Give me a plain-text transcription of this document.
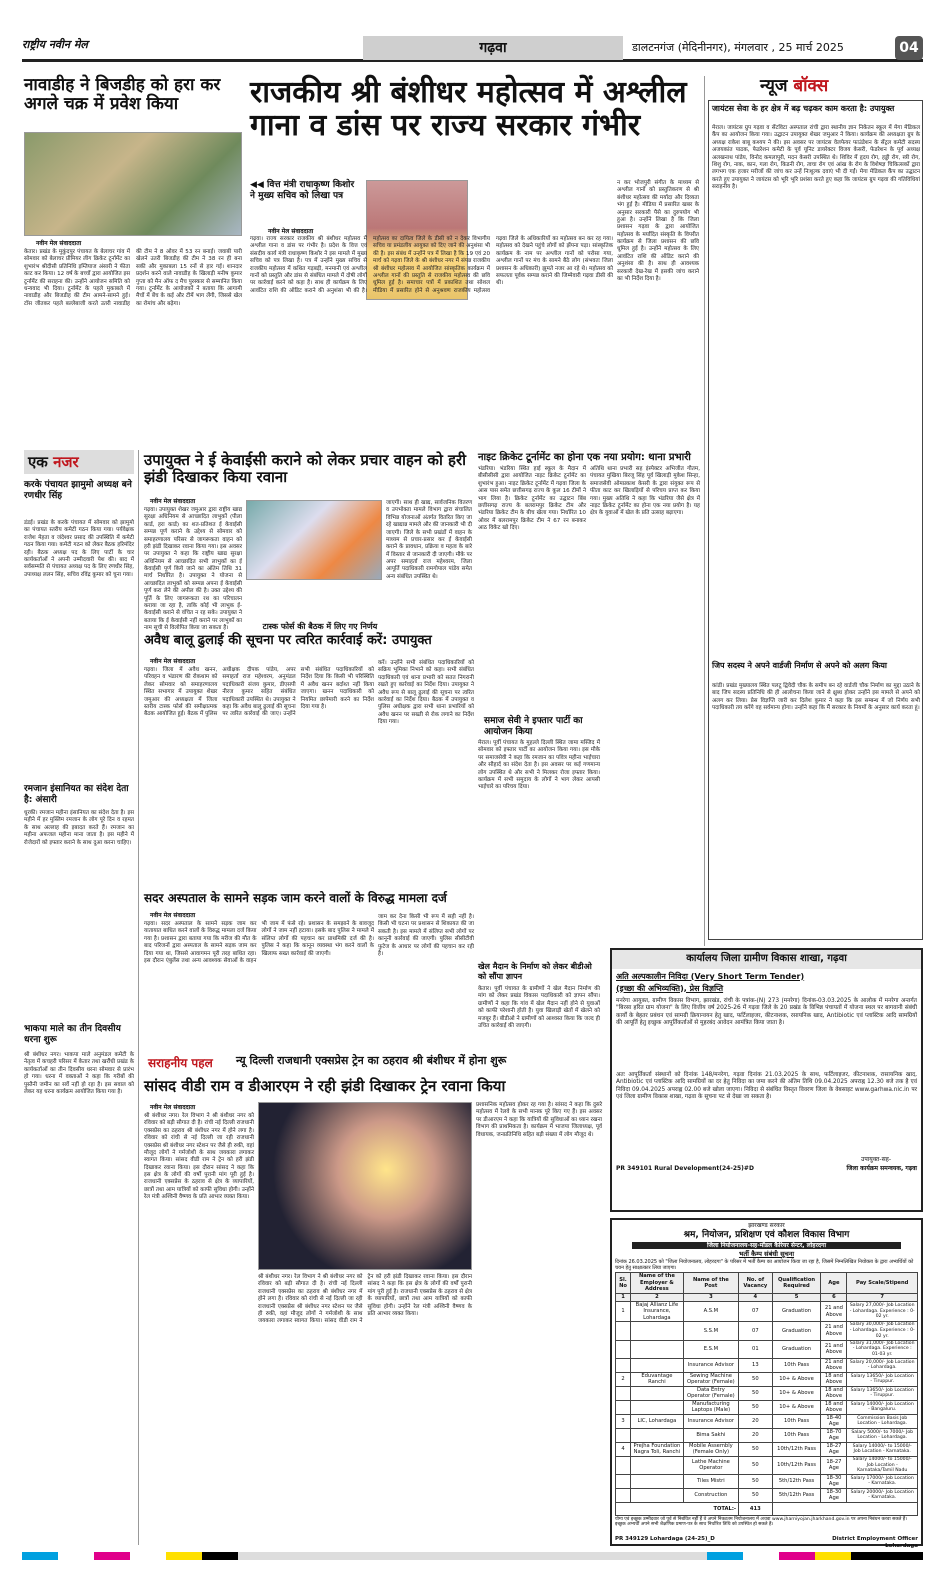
राष्ट्रीय नवीन मेल	गढ़वा	डालटनगंज (मेदिनीनगर), मंगलवार , 25 मार्च 2025	04
नावाडीह ने बिजडीह को हरा कर अगले चक्र में प्रवेश किया
नवीन मेल संवाददाता
केतार। प्रखंड के मुकुंदपुर पंचायत के बेलाचर गांव में सोमवार को बेलाचर प्रीमियर लीग क्रिकेट टूर्नामेंट का शुभारंभ श्रीदीसी प्रतिनिधि इम्तियाज अंसारी ने फीता काट कर किया। 12 वर्ष के बच्चों द्वारा आयोजित इस टूर्नामेंट की सराहना की। उन्होंने आयोजन समिति को धन्यवाद भी दिया। टूर्नामेंट के पहले मुकाबले में नावाडीह और बिजडीह की टीम आमने-सामने हुई। टॉस जीतकर पहले बल्लेबाजी करते उतरी नावाडीह की टीम ने 8 ओवर में 53 रन बनाई। जवाबी पारी खेलने उतरी बिजडीह की टीम ने 38 रन ही बना सकी और मुकाबला 15 रनों से हार गई। शानदार प्रदर्शन करने वाले नावाडीह के खिलाड़ी मनीष कुमार गुप्ता को मैन ऑफ द मैच पुरस्कार से सम्मानित किया गया। टूर्नामेंट के आयोजकों ने बताया कि आगामी मैचों में बेंच के कई और टीमें भाग लेंगी, जिससे खेल का रोमांच और बढ़ेगा।
राजकीय श्री बंशीधर महोत्सव में अश्लील गाना व डांस पर राज्य सरकार गंभीर
◀◀ वित्त मंत्री राधाकृष्ण किशोर ने मुख्य सचिव को लिखा पत्र
नवीन मेल संवाददाता
गढ़वा। राज्य सरकार राजकीय श्री बंशीधर महोत्सव में अश्लील गाना व डांस पर गंभीर है। प्रदेश के वित्त एवं संसदीय कार्य मंत्री राधाकृष्ण किशोर ने इस मामले में मुख्य सचिव को पत्र लिखा है। पत्र में उन्होंने मुख्य सचिव से राजकीय महोत्सव में कथित गड़बड़ी, मनमानी एवं अश्लील गानों को प्रस्तुति और डांस से संबंधित मामले में दोषी लोगों पर कार्रवाई करने को कहा है। साथ ही कार्यक्रम के लिए आवंटित राशि की ऑडिट कराने की अनुशंसा भी की है। महोत्सव का दायित्व जिले के डीसी को न देकर विभागीय सचिव या प्रमंडलीय आयुक्त को दिए जाने की अनुशंसा भी की है। इस संबंध में उन्होंने पत्र में लिखा है कि 19 एवं 20 मार्च को गढ़वा जिले के श्री बंशीधर नगर में संपन्न राजकीय श्री बंशीधर महोत्सव में आयोजित सांस्कृतिक कार्यक्रम में अश्लील गानों की प्रस्तुति से राजकीय महोत्सव की छवि धूमिल हुई है। समाचार पत्रों में प्रकाशित तथा सोशल मीडिया में प्रसारित होने से अनुश्रवण राजकीय महोत्सव गढ़वा जिले के अधिकारियों का महोत्सव बन कर रह गया। महोत्सव को देखने पहुंचे लोगों को झेंपना पड़ा। सांस्कृतिक कार्यक्रम के नाम पर अश्लील गानों को परोसा गया, अश्लील गानों पर मंच के सामने बैठे लोग (संभवतः जिला प्रशासन के अधिकारी) झूमते नजर आ रहे थे। महोत्सव को सफलता पूर्वक सम्पन्न कराने की जिम्मेवारी गढ़वा डीसी की थी।
न कर भोजपुरी संगीत के माध्यम से अश्लील गानों को प्रस्तुतिकरण से श्री बंशीधर महोत्सव की मर्यादा और दिव्यता भंग हुई है। मीडिया में प्रसारित खबर के अनुसार सरकारी पैसे का दुरुपयोग भी हुआ है। उन्होंने लिखा है कि जिला प्रशासन गढ़वा के द्वारा आयोजित महोत्सव के मर्यादित संस्कृति के विपरीत कार्यक्रम से जिला प्रशासन की छवि धूमिल हुई है। उन्होंने महोत्सव के लिए आवंटित राशि की ऑडिट कराने की अनुशंसा की है। साथ ही आवश्यक सरकारी देख-रेख में इसकी जांच कराने का भी निर्देश दिया है।
न्यूज बॉक्स
जायंटस सेवा के हर क्षेत्र में बढ़ चढ़कर काम करता है: उपायुक्त
मेराल। जायंटस ग्रुप गढ़वा व सेंटविटा अस्पताल रांची द्वारा स्थानीय ज्ञान निकेतन स्कूल में मेगा मेडिकल कैंप का आयोजन किया गया। उद्घाटन उपायुक्त शेखर जमुआर ने किया। कार्यक्रम की अध्यक्षता ग्रुप के अध्यक्ष राकेश बाबू कश्यप ने की। इस अवसर पर जायंटस वेलफेयर फाउंडेशन के सेंट्रल कमेटी सदस्य अजयकांत पाठक, फेडरेशन कमेटी के पूर्व यूनिट डायरेक्टर विजय केसरी, फेडरेशन के पूर्व अध्यक्ष अलखनाथ पांडेय, विनोद कमलापुरी, मदन केसरी उपस्थित थे। शिविर में हृदय रोग, हड्डी रोग, स्त्री रोग, शिशु रोग, नाक, कान, गला रोग, किडनी रोग, त्वचा रोग एवं आंख के रोग के विशेषज्ञ चिकित्सकों द्वारा लगभग एक हजार मरीजों की जांच कर उन्हें निःशुल्क दवाएं भी दी गईं। मेगा मेडिकल कैंप का उद्घाटन करते हुए उपायुक्त ने जायंटस को भूरि भूरि प्रशंसा करते हुए कहा कि जायंटस ग्रुप गढ़वा की गतिविधियां सराहनीय है।
जिप सदस्य ने अपने वार्डजी निर्माण से अपने को अलग किया
कांडी। प्रखंड मुख्यालय स्थित पलटू द्विवेदी चौक के समीप बन रहे वार्डजी चौक निर्माण का मुद्दा उठाने के बाद जिप सदस्य प्रतिनिधि की ही आलोचना किया जाने से क्षुब्ध होकर उन्होंने इस मामले से अपने को अलग कर लिया। प्रेस विज्ञप्ति जारी कर दिलेश कुमार ने कहा कि इस सम्बन्ध में जो निर्णय सभी पदाधिकारी तय करेंगे वह सर्वमान्य होगा। उन्होंने कहा कि मैं सरकार के नियमों के अनुसार कार्य करता हूं।
एक नजर
करके पंचायत झामुमो अध्यक्ष बने रणधीर सिंह
डंडई। प्रखंड के करके पंचायत में सोमवार को झामुमो का पंचायत स्तरीय कमेटी गठन किया गया। पर्यवेक्षक राजेश मेहता व जंदेश्वर प्रसाद की उपस्थिति में कमेटी गठन किया गया। कमेटी गठन को लेकर बैठक हरिमंदिर रही। बैठक अध्यक्ष पद के लिए पार्टी के चार कार्यकर्ताओं ने अपनी उम्मीदवारी पेश की। बाद में सर्वसम्मति से पंचायत अध्यक्ष पद के लिए रणधीर सिंह, उपाध्यक्ष ललन सिंह, सचिव रविंद्र कुमार को चुना गया।
रमजान इंसानियत का संदेश देता है: अंसारी
धुरकी। रमजान महीना इंसानियत का संदेश देता है। इस महीने में हर मुस्लिम रमजान के लोग पूरे दिन व रहमत के साथ अल्लाह की इबादत करते हैं। रमजान का महीना अफजल महीना माना जाता है। इस महीने में रोजेदारों को इफ्तार कराने के साथ दुआ करना चाहिए।
भाकपा माले का तीन दिवसीय धरना शुरू
श्री बंशीधर नगर। भाकपा माले अनुमंडल कमेटी के नेतृत्व में कचहरी परिसर में केतार तथा खरौंधी प्रखंड के कार्यकर्ताओं का तीन दिवसीय धरना सोमवार से प्रारंभ हो गया। धरना में वक्ताओं ने कहा कि गरीबों की पुस्तैनी जमीन का सर्वे नहीं हो रहा है। इस सवाल को लेकर यह धरना कार्यक्रम आयोजित किया गया है।
उपायुक्त ने ई केवाईसी कराने को लेकर प्रचार वाहन को हरी झंडी दिखाकर किया रवाना
नवीन मेल संवाददाता
गढ़वा। उपायुक्त शेखर जमुआर द्वारा राष्ट्रीय खाद्य सुरक्षा अधिनियम से आच्छादित लाभुकों (पीला कार्ड, हरा कार्ड) का शत-प्रतिशत ई केवाईसी सम्पन्न पूर्ण कराने के उद्देश्य से सोमवार को समाहरणालय परिसर से जागरूकता वाहन को हरी झंडी दिखाकर रवाना किया गया। इस अवसर पर उपायुक्त ने कहा कि राष्ट्रीय खाद्य सुरक्षा अधिनियम से आच्छादित सभी लाभुकों का ई केवाईसी पूर्ण किये जाने का अंतिम तिथि 31 मार्च निर्धारित है। उपायुक्त ने योजना से आच्छादित लाभुकों को सम्पन्न अपना ई केवाईसी पूर्ण करा लेने की अपील की है। उक्त उद्देश्य की पूर्ति के लिए जागरूकता रथ का परिचालन कराया जा रहा है, ताकि कोई भी लाभुक ई-केवाईसी कराने से वंचित न रह सके। उपायुक्त ने बताया कि ई केवाईसी नहीं कराने पर लाभुकों का नाम सूची से विलोपित किया जा सकता है।
जाएगी। साथ ही खाद्य, सार्वजनिक वितरण व उपभोक्ता मामले विभाग द्वारा संचालित विभिन्न योजनाओं अंतर्गत वितरित किए जा रहे खाद्यान्न मामले और की जानकारी भी दी जाएगी। जिले के सभी प्रखंडों में वाहन के माध्यम से प्रचार-प्रसार कर ई केवाईसी कराने के प्रावधान, प्रक्रिया व महत्व के बारे में विस्तार से जानकारी दी जाएगी। मौके पर अपर समाहर्ता राज महेश्वरम, जिला आपूर्ति पदाधिकारी रामगोपाल पांडेय समेत अन्य संबंधित उपस्थित थे।
नाइट क्रिकेट टूर्नामेंट का होना एक नया प्रयोग: थाना प्रभारी
भंडरिया। भंडरिया स्थित हाई स्कूल के मैदान में बीसीसीसी द्वारा आयोजित नाइट क्रिकेट टूर्नामेंट का शुभारंभ हुआ। नाइट क्रिकेट टूर्नामेंट में गढ़वा जिला के आस पास समेत छत्तीसगढ़ राज्य के कुल 16 टीमों ने भाग लिया है। क्रिकेट टूर्नामेंट का उद्घाटन बिंब छत्तीसगढ़ राज्य के बलरामपुर क्रिकेट टीम और भंडरिया क्रिकेट टीम के बीच खेला गया। निर्धारित 10 ओवर में बलरामपुर क्रिकेट टीम ने 67 रन बनाकर आठ विकेट खो दिए।
अतिथि थाना प्रभारी सह इंस्पेक्टर अभिजीत गौतम, पंचायत मुखिया बिरजू सिंह पूर्व खिलाड़ी मुकेश सिन्हा, समाजसेवी ओमप्रकाश केसरी के द्वारा संयुक्त रूप से फीता काट कर खिलाड़ियों से परिचय प्राप्त कर किया गया। मुख्य अतिथि ने कहा कि भंडरिया जैसे क्षेत्र में नाइट क्रिकेट टूर्नामेंट का होना एक नया प्रयोग है। यह क्षेत्र के युवाओं में खेल के प्रति उत्साह बढ़ाएगा।
टास्क फोर्स की बैठक में लिए गए निर्णय
अवैध बालू ढुलाई की सूचना पर त्वरित कार्रवाई करें: उपायुक्त
नवीन मेल संवाददाता
गढ़वा। जिला में अवैध खनन, परिवहन व भंडारण की रोकथाम को लेकर सोमवार को समाहरणालय स्थित सभागार में उपायुक्त शेखर जमुआर की अध्यक्षता में जिला स्तरीय टास्क फोर्स की समीक्षात्मक बैठक आयोजित हुई। बैठक में पुलिस अधीक्षक दीपक पांडेय, अपर समाहर्ता राज महेश्वरम, अनुमंडल पदाधिकारी संजय कुमार, डीएसपी नीरज कुमार सहित संबंधित पदाधिकारी उपस्थित थे। उपायुक्त ने कहा कि अवैध बालू ढुलाई की सूचना पर त्वरित कार्रवाई की जाए। उन्होंने सभी संबंधित पदाधिकारियों को निर्देश दिया कि किसी भी परिस्थिति में अवैध खनन बर्दाश्त नहीं किया जाएगा। खनन पदाधिकारी को नियमित छापेमारी करने का निर्देश दिया गया है।
करें। उन्होंने सभी संबंधित पदाधिकारियों को सक्रिय भूमिका निभाने को कहा। सभी संबंधित पदाधिकारी एवं थाना प्रभारी को सतत निगरानी रखते हुए कार्रवाई का निर्देश दिया। उपायुक्त ने अवैध रूप से बालू ढुलाई की सूचना पर त्वरित कार्रवाई का निर्देश दिया। बैठक में उपायुक्त व पुलिस अधीक्षक द्वारा सभी थाना प्रभारियों को अवैध खनन पर सख्ती से रोक लगाने का निर्देश दिया गया।	समाज सेवी ने इफ्तार पार्टी का आयोजन किया
मेराल। पूर्वी पंचायत के मुहल्ले दिल्ली स्थित जामा मस्जिद में सोमवार को इफ्तार पार्टी का आयोजन किया गया। इस मौके पर समाजसेवी ने कहा कि रमजान का पवित्र महीना भाईचारा और सौहार्द का संदेश देता है। इस अवसर पर कई गणमान्य लोग उपस्थित थे और सभी ने मिलकर रोजा इफ्तार किया। कार्यक्रम में सभी समुदाय के लोगों ने भाग लेकर आपसी भाईचारे का परिचय दिया।
सदर अस्पताल के सामने सड़क जाम करने वालों के विरुद्ध मामला दर्ज
नवीन मेल संवाददाता
गढ़वा। सदर अस्पताल के सामने सड़क जाम कर यातायात बाधित करने वालों के विरुद्ध मामला दर्ज किया गया है। प्रशासन द्वारा बताया गया कि मरीज की मौत के बाद परिजनों द्वारा अस्पताल के सामने सड़क जाम कर दिया गया था, जिससे आवागमन पूरी तरह बाधित रहा। इस दौरान एंबुलेंस तथा अन्य आवश्यक सेवाओं के वाहन भी जाम में फंसे रहे। प्रशासन के समझाने के बावजूद लोगों ने जाम नहीं हटाया। इसके बाद पुलिस ने मामले में संलिप्त लोगों की पहचान कर प्राथमिकी दर्ज की है। पुलिस ने कहा कि कानून व्यवस्था भंग करने वालों के खिलाफ सख्त कार्रवाई की जाएगी।
जाम कर देना किसी भी रूप में सही नहीं है। किसी भी घटना पर प्रशासन से शिकायत की जा सकती है। इस मामले में संलिप्त सभी लोगों पर कानूनी कार्रवाई की जाएगी। पुलिस सीसीटीवी फुटेज के आधार पर लोगों की पहचान कर रही है।
खेल मैदान के निर्माण को लेकर बीडीओ को सौंपा ज्ञापन
केतार। पूर्वी पंचायत के ग्रामीणों ने खेल मैदान निर्माण की मांग को लेकर प्रखंड विकास पदाधिकारी को ज्ञापन सौंपा। ग्रामीणों ने कहा कि गांव में खेल मैदान नहीं होने से युवाओं को काफी परेशानी होती है। युवा खिलाड़ी खेतों में खेलने को मजबूर हैं। बीडीओ ने ग्रामीणों को आश्वस्त किया कि जल्द ही उचित कार्रवाई की जाएगी।
सराहनीय पहल	न्यू दिल्ली राजधानी एक्सप्रेस ट्रेन का ठहराव श्री बंशीधर में होना शुरू
सांसद वीडी राम व डीआरएम ने रही झंडी दिखाकर ट्रेन रवाना किया
नवीन मेल संवाददाता
श्री बंशीधर नगर। रेल विभाग ने श्री बंशीधर नगर को रविवार को बड़ी सौगात दी है। रांची नई दिल्ली राजधानी एक्सप्रेस का ठहराव श्री बंशीधर नगर में होने लगा है। रविवार को रांची से नई दिल्ली जा रही राजधानी एक्सप्रेस श्री बंशीधर नगर स्टेशन पर जैसे ही रुकी, वहां मौजूद लोगों ने गर्मजोशी के साथ जयकारा लगाकर स्वागत किया। सांसद वीडी राम ने ट्रेन को हरी झंडी दिखाकर रवाना किया। इस दौरान सांसद ने कहा कि इस क्षेत्र के लोगों की वर्षों पुरानी मांग पूरी हुई है। राजधानी एक्सप्रेस के ठहराव से क्षेत्र के व्यापारियों, छात्रों तथा आम यात्रियों को काफी सुविधा होगी। उन्होंने रेल मंत्री अश्विनी वैष्णव के प्रति आभार व्यक्त किया।
श्री बंशीधर नगर। रेल विभाग ने श्री बंशीधर नगर को रविवार को बड़ी सौगात दी है। रांची नई दिल्ली राजधानी एक्सप्रेस का ठहराव श्री बंशीधर नगर में होने लगा है। रविवार को रांची से नई दिल्ली जा रही राजधानी एक्सप्रेस श्री बंशीधर नगर स्टेशन पर जैसे ही रुकी, वहां मौजूद लोगों ने गर्मजोशी के साथ जयकारा लगाकर स्वागत किया। सांसद वीडी राम ने ट्रेन को हरी झंडी दिखाकर रवाना किया। इस दौरान सांसद ने कहा कि इस क्षेत्र के लोगों की वर्षों पुरानी मांग पूरी हुई है। राजधानी एक्सप्रेस के ठहराव से क्षेत्र के व्यापारियों, छात्रों तथा आम यात्रियों को काफी सुविधा होगी। उन्होंने रेल मंत्री अश्विनी वैष्णव के प्रति आभार व्यक्त किया।
प्रशासनिक महोत्सव होकर रह गया है। सांसद ने कहा कि दुसरे महोत्सव में रेलवे के सभी मानक पूरे किए गए हैं। इस अवसर पर डीआरएम ने कहा कि यात्रियों की सुविधाओं का ध्यान रखना विभाग की प्राथमिकता है। कार्यक्रम में भाजपा जिलाध्यक्ष, पूर्व विधायक, जनप्रतिनिधि सहित बड़ी संख्या में लोग मौजूद थे।
कार्यालय जिला ग्रामीण विकास शाखा, गढ़वा
अति अल्पकालीन निविदा (Very Short Term Tender)
(इच्छा की अभिव्यक्ति), प्रेस विज्ञप्ति
मनरेगा आयुक्त, ग्रामीण विकास विभाग, झारखंड, रांची के पत्रांक-(N) 273 (मनरेगा) दिनांक-03.03.2025 के आलोक में मनरेगा अन्तर्गत "बिरसा हरित ग्राम योजना" के लिए वित्तीय वर्ष 2025-26 में गढ़वा जिले के 20 प्रखंड के विभिन्न पंचायतों में योजना स्थल पर बागवानी संबंधी कार्यों के बेहतर प्रबंधन एवं सामग्री क्रियान्वयन हेतु खाद, फर्टिलाइजर, कीटनाशक, रसायनिक खाद, Antibiotic एवं प्लास्टिक आदि सामग्रियों की आपूर्ति हेतु इच्छुक आपूर्तिकर्ताओं से मुहरबंद आवेदन आमंत्रित किया जाता है।
अतः आपूर्तिकर्ता संस्थानों को दिनांक 148/मनरेगा, गढ़वा दिनांक 21.03.2025 के साथ, फर्टिलाइजर, कीटनाशक, रासायनिक खाद, Antibiotic एवं प्लास्टिक आदि सामग्रियों का दर हेतु निविदा का जमा करने की अंतिम तिथि 09.04.2025 अपराह्न 12.30 बजे तक है एवं निविदा 09.04.2025 अपराह्न 02.00 बजे खोला जाएगा। निविदा से संबंधित विस्तृत विवरण जिला के वेबसाइट www.garhwa.nic.in पर एवं जिला ग्रामीण विकास शाखा, गढ़वा के सूचना पट से देखा जा सकता है।
उपायुक्त-सह-
PR 349101 Rural Development(24-25)#D	जिला कार्यक्रम समन्वयक, गढ़वा
झारखण्ड सरकार
श्रम, नियोजन, प्रशिक्षण एवं कौशल विकास विभाग
जिला नियोजनालय-सह-मॉडल कैरियर सेन्टर, लोहरदगा
भर्ती कैम्प संबंधी सूचना
दिनांक 26.03.2025 को "जिला नियोजनालय, लोहरदगा" के परिसर में भर्ती कैम्प का आयोजन किया जा रहा है, जिसमें निम्नलिखित नियोक्ता के द्वारा अभ्यर्थियों को चयन हेतु साक्षात्कार लिया जाएगा।
Sl. No	Name of the Employer & Address	Name of the Post	No. of Vacancy	Qualification Required	Age	Pay Scale/Stipend
1	2	3	4	5	6	7
1	Bajaj Allianz Life Insurance, Lohardaga	A.S.M	07	Graduation	21 and Above	Salary 27,000/- Job Location - Lohardaga. Experience : 0-02 yr.
		S.S.M	07	Graduation	21 and Above	Salary 30,000/- Job Location - Lohardaga. Experience : 0-02 yr.
		E.S.M	01	Graduation	21 and Above	Salary 31,000/- Job Location - Lohardaga. Experience : 01-03 yr.
		Insurance Advisor	13	10th Pass	21 and Above	Salary 20,000/- Job Location - Lohardaga.
2	Eduvantage Ranchi	Sewing Machine Operator (Female)	50	10+ & Above	18 and Above	Salary 13650/- Job Location - Tiruppur.
		Data Entry Operator (Female)	50	10+ & Above	18 and Above	Salary 13650/- Job Location - Tiruppur.
		Manufacturing Laptops (Male)	50	10+ & Above	18 and Above	Salary 14000/- Job Location - Bangaluru.
3	LIC, Lohardaga	Insurance Advisor	20	10th Pass	18-40 Age	Commission Basis Job Location - Lohardaga.
		Bima Sakhi	20	10th Pass	18-70 Age	Salary 5000/- to 7000/- Job Location - Lohardaga.
4	Prejha Foundation Nagra Toli, Ranchi	Mobile Assembly (Female Only)	50	10th/12th Pass	18-27 Age	Salary 14000/- to 15000/- Job Location - Karnataka.
		Lathe Machine Operator	50	10th/12th Pass	18-27 Age	Salary 14000/- to 15000/- Job Location - Karnataka/Tamil Nadu
		Tiles Mistri	50	5th/12th Pass	18-30 Age	Salary 17000/- Job Location - Karnataka.
		Construction	50	5th/12th Pass	18-30 Age	Salary 20000/- Job Location - Karnataka.
TOTAL:-			413			
योग्य एवं इच्छुक उम्मीदवार जो पूर्व से निबंधित नहीं हैं वे अपने निकटतम नियोजनालय में अथवा www.jharniyojan.jharkhand.gov.in पर अपना निबंधन करवा सकते हैं। इच्छुक अभ्यर्थी अपने सभी शैक्षणिक प्रमाण-पत्र के साथ निर्धारित तिथि को उपस्थित हो सकते हैं।
PR 349129 Lohardaga (24-25)_D	District Employment Officer
Lohardaga
